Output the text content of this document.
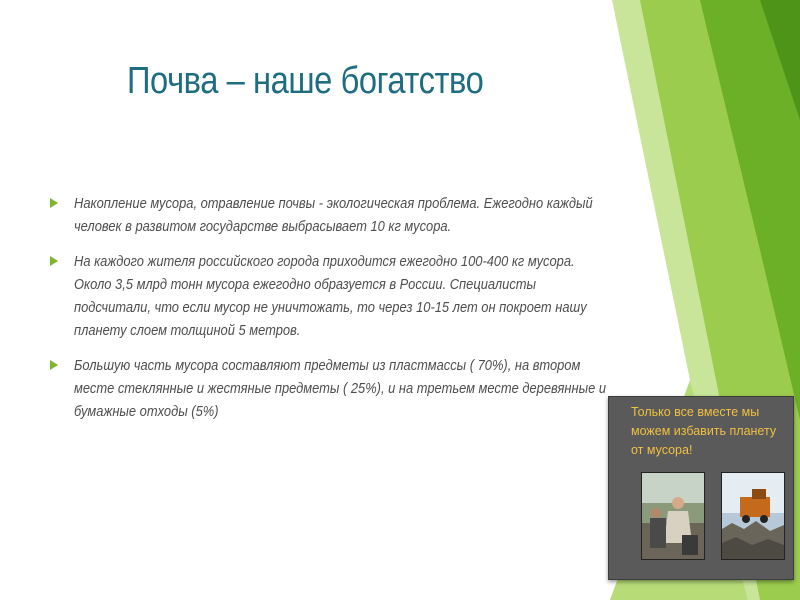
Почва – наше богатство
Накопление мусора, отравление почвы - экологическая проблема. Ежегодно каждый человек в развитом государстве выбрасывает 10 кг мусора.
На каждого жителя российского города приходится ежегодно 100-400 кг мусора. Около 3,5 млрд тонн мусора ежегодно образуется в России. Специалисты подсчитали, что если мусор не уничтожать, то через 10-15 лет он покроет нашу планету слоем толщиной 5 метров.
Большую часть мусора составляют предметы из пластмассы ( 70%), на втором месте стеклянные и жестяные предметы ( 25%), и на третьем месте деревянные и бумажные отходы (5%)	Только все вместе мы можем избавить планету от мусора!
